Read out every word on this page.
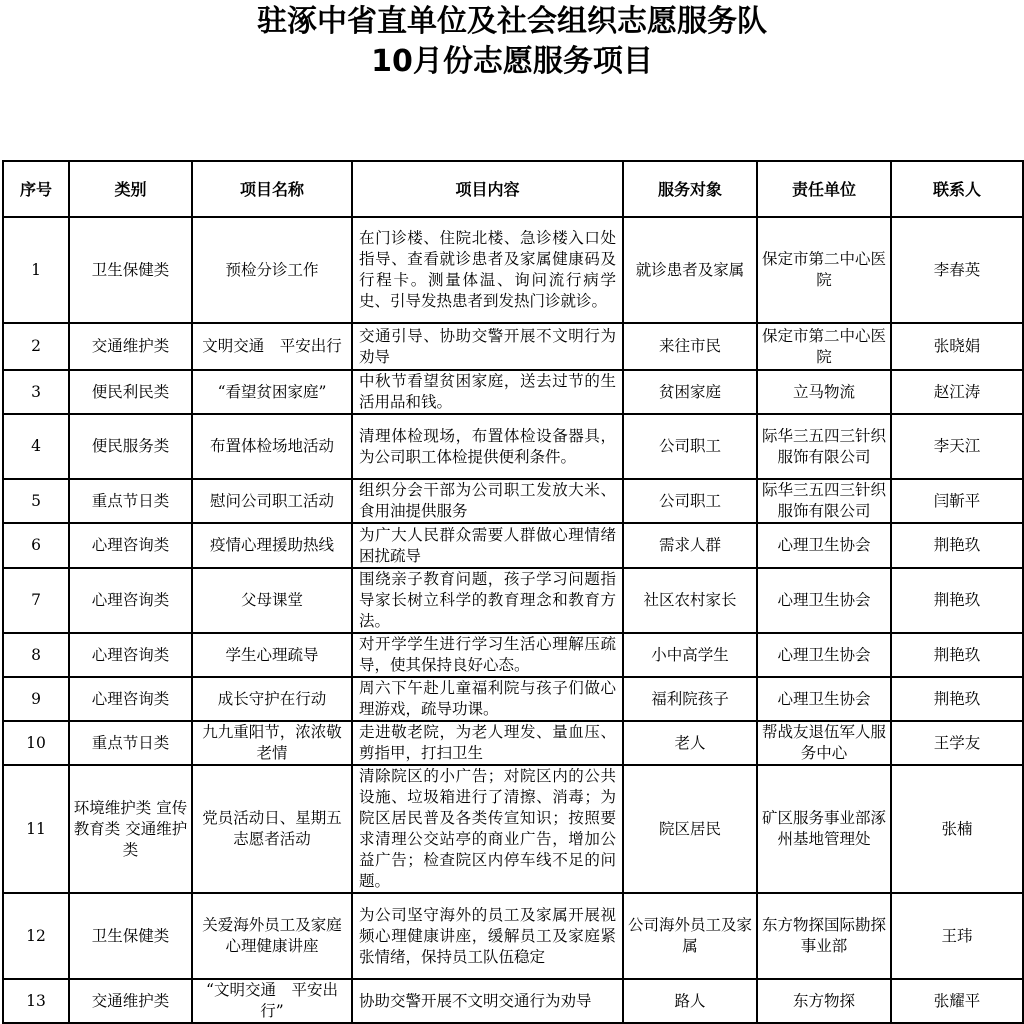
驻涿中省直单位及社会组织志愿服务队
10月份志愿服务项目
序号	类别	项目名称	项目内容	服务对象	责任单位	联系人
1	卫生保健类	预检分诊工作	在门诊楼、住院北楼、急诊楼入口处指导、查看就诊患者及家属健康码及行程卡。测量体温、询问流行病学史、引导发热患者到发热门诊就诊。	就诊患者及家属	保定市第二中心医院	李春英
2	交通维护类	文明交通　平安出行	交通引导、协助交警开展不文明行为劝导	来往市民	保定市第二中心医院	张晓娟
3	便民利民类	“看望贫困家庭”	中秋节看望贫困家庭，送去过节的生活用品和钱。	贫困家庭	立马物流	赵江涛
4	便民服务类	布置体检场地活动	清理体检现场，布置体检设备器具，为公司职工体检提供便利条件。	公司职工	际华三五四三针织服饰有限公司	李天江
5	重点节日类	慰问公司职工活动	组织分会干部为公司职工发放大米、食用油提供服务	公司职工	际华三五四三针织服饰有限公司	闫靳平
6	心理咨询类	疫情心理援助热线	为广大人民群众需要人群做心理情绪困扰疏导	需求人群	心理卫生协会	荆艳玖
7	心理咨询类	父母课堂	围绕亲子教育问题，孩子学习问题指导家长树立科学的教育理念和教育方法。	社区农村家长	心理卫生协会	荆艳玖
8	心理咨询类	学生心理疏导	对开学学生进行学习生活心理解压疏导，使其保持良好心态。	小中高学生	心理卫生协会	荆艳玖
9	心理咨询类	成长守护在行动	周六下午赴儿童福利院与孩子们做心理游戏，疏导功课。	福利院孩子	心理卫生协会	荆艳玖
10	重点节日类	九九重阳节，浓浓敬老情	走进敬老院，为老人理发、量血压、剪指甲，打扫卫生	老人	帮战友退伍军人服务中心	王学友
11	环境维护类 宣传教育类 交通维护类	党员活动日、星期五志愿者活动	清除院区的小广告；对院区内的公共设施、垃圾箱进行了清擦、消毒；为院区居民普及各类传宣知识；按照要求清理公交站亭的商业广告，增加公益广告；检查院区内停车线不足的问题。	院区居民	矿区服务事业部涿州基地管理处	张楠
12	卫生保健类	关爱海外员工及家庭心理健康讲座	为公司坚守海外的员工及家属开展视频心理健康讲座，缓解员工及家庭紧张情绪，保持员工队伍稳定	公司海外员工及家属	东方物探国际勘探事业部	王玮
13	交通维护类	“文明交通　平安出行”	协助交警开展不文明交通行为劝导	路人	东方物探	张耀平
